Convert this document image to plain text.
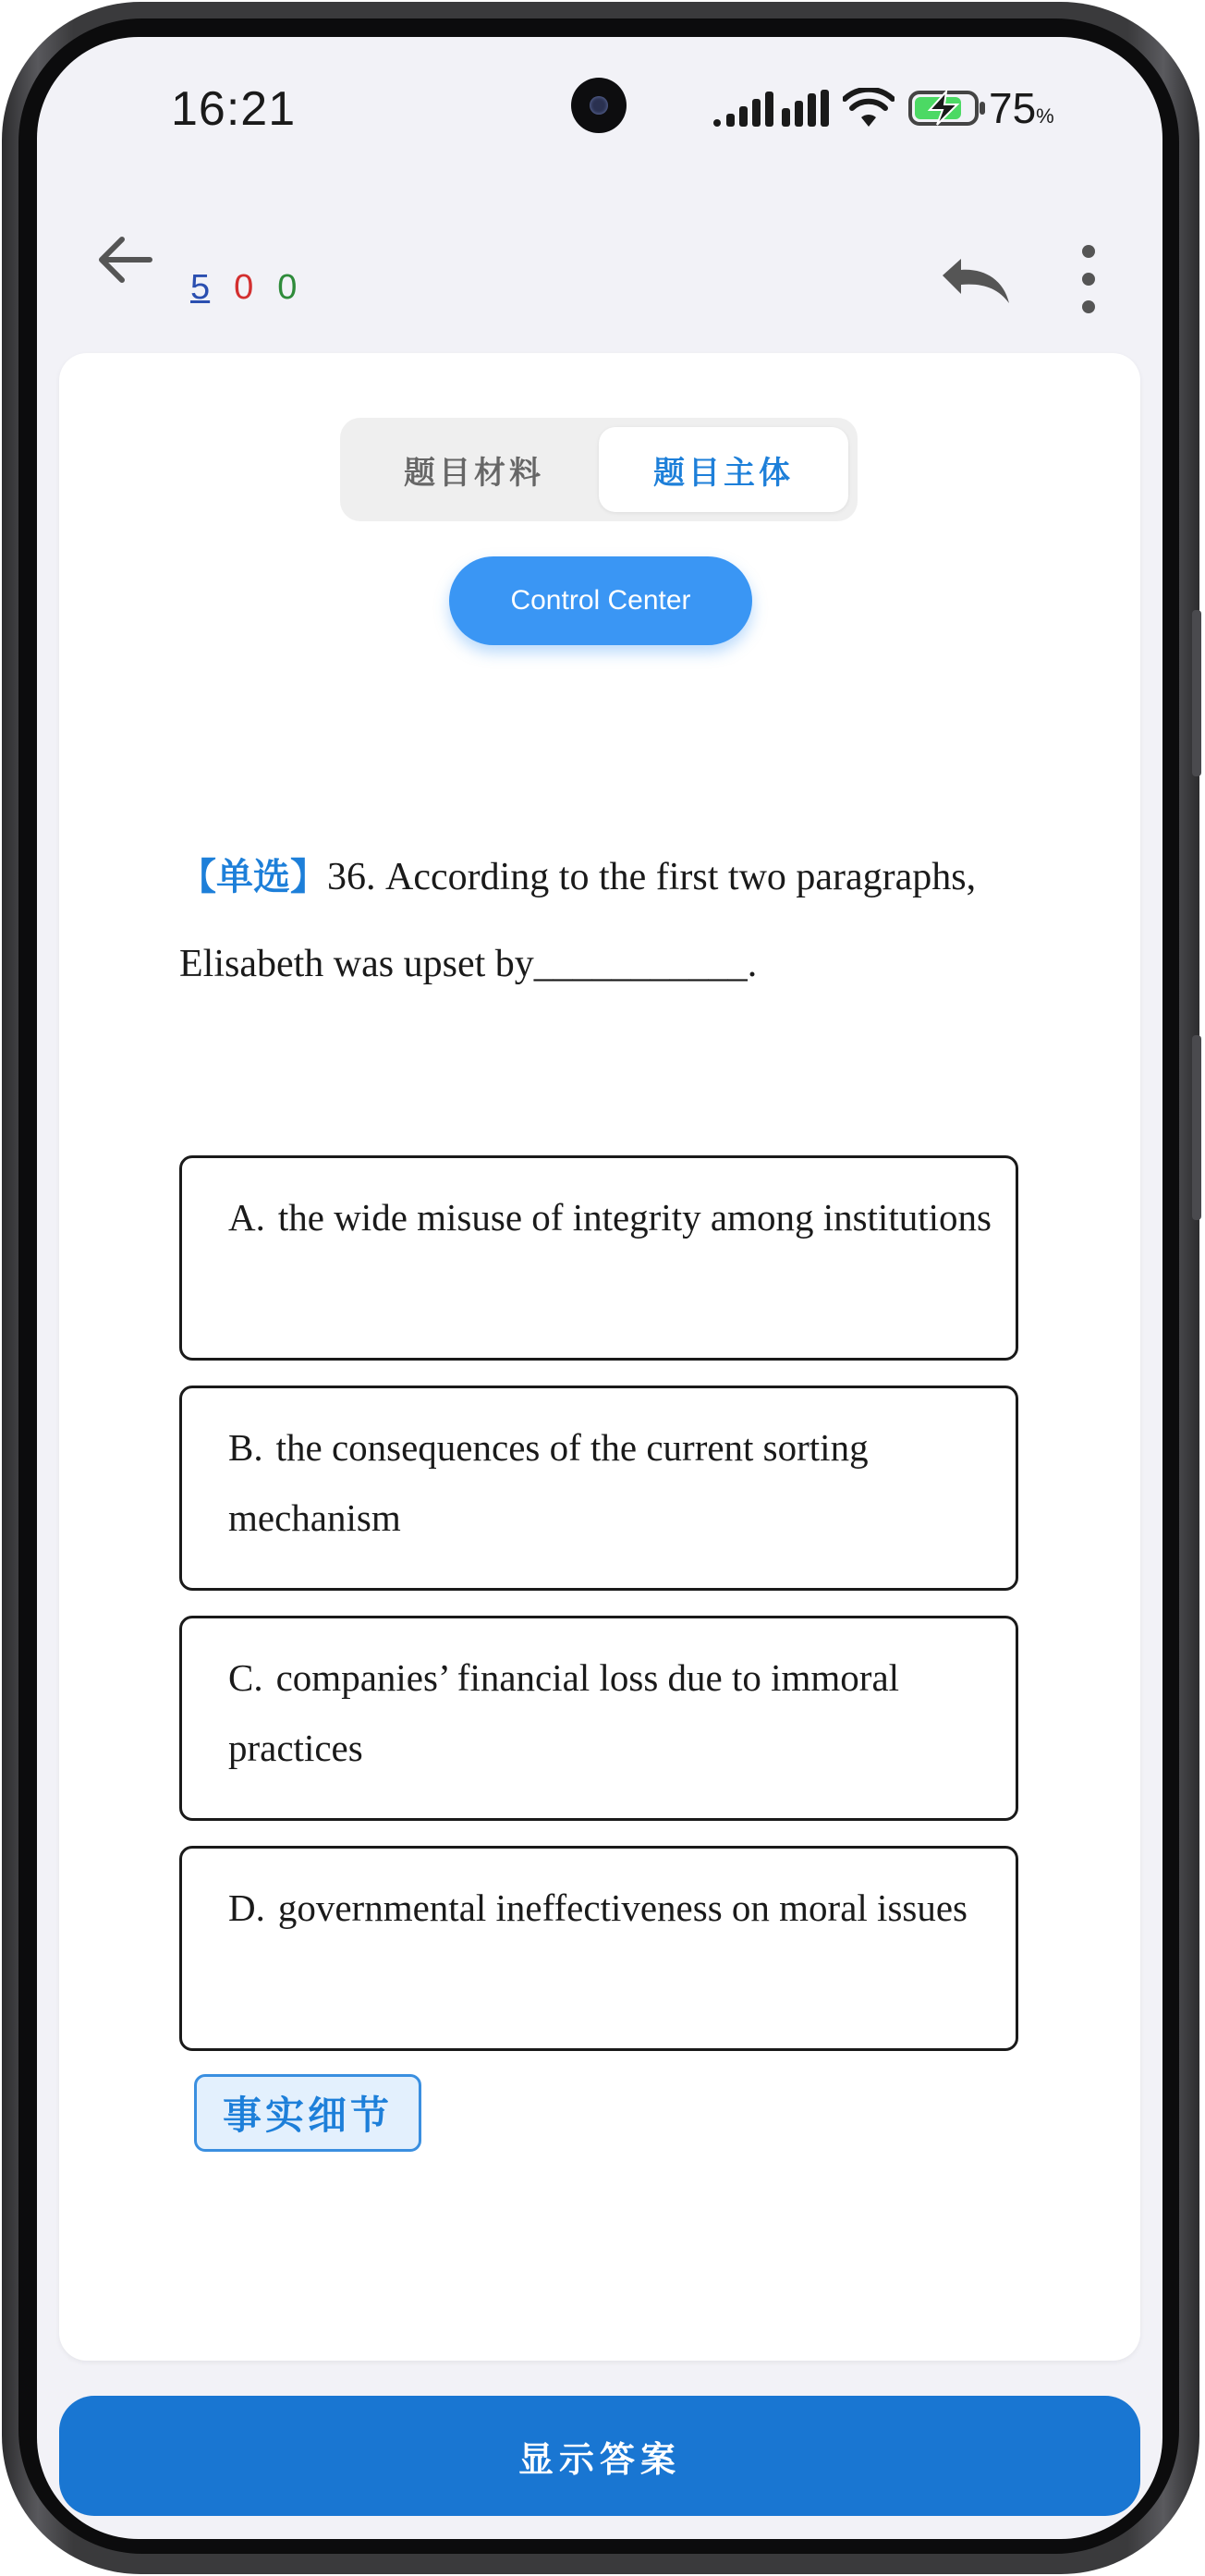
16:21	75%
5 0 0
题目材料	题目主体
Control Center
【单选】36. According to the first two paragraphs, Elisabeth was upset by___________.
A. the wide misuse of integrity among institutions
B. the consequences of the current sorting mechanism
C. companies’ financial loss due to immoral practices
D. governmental ineffectiveness on moral issues
事实细节
显示答案
